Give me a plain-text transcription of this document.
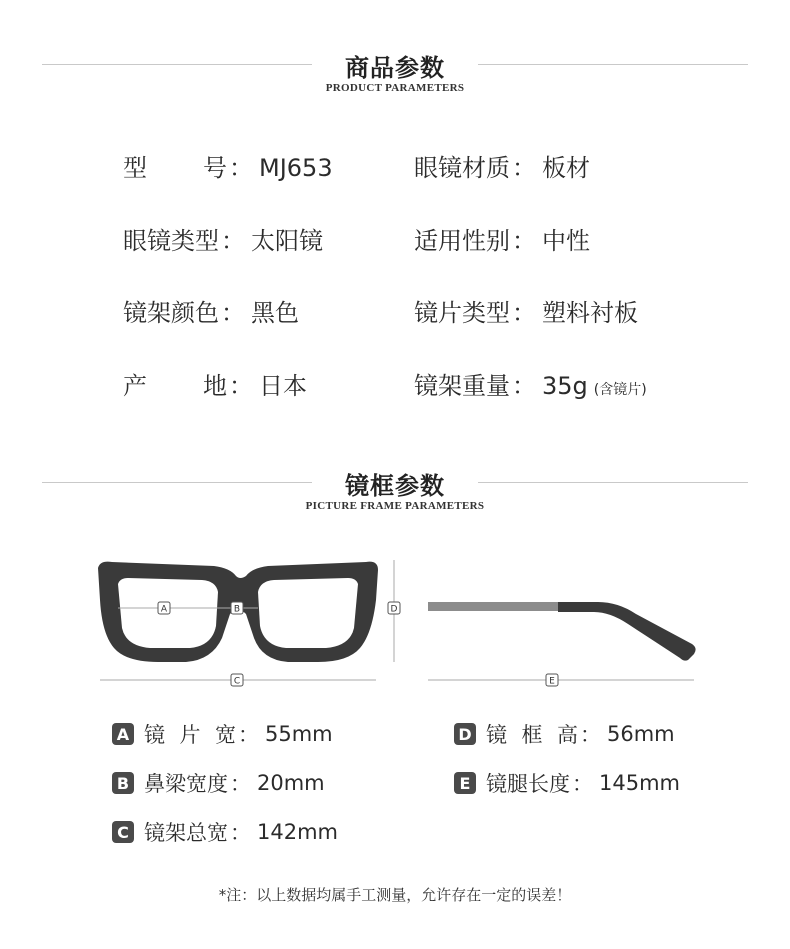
商品参数
PRODUCT PARAMETERS
型 号 ： MJ653	眼镜材质 ： 板材
眼镜类型 ： 太阳镜	适用性别 ： 中性
镜架颜色 ： 黑色	镜片类型 ： 塑料衬板
产 地 ： 日本	镜架重量 ： 35g (含镜片)
镜框参数
PICTURE FRAME PARAMETERS
A	B	D
C	E
A 镜 片 宽 ： 55mm	D 镜 框 高 ： 56mm
B 鼻梁宽度 ： 20mm	E 镜腿长度 ： 145mm
C 镜架总宽 ： 142mm
*注：以上数据均属手工测量，允许存在一定的误差！
